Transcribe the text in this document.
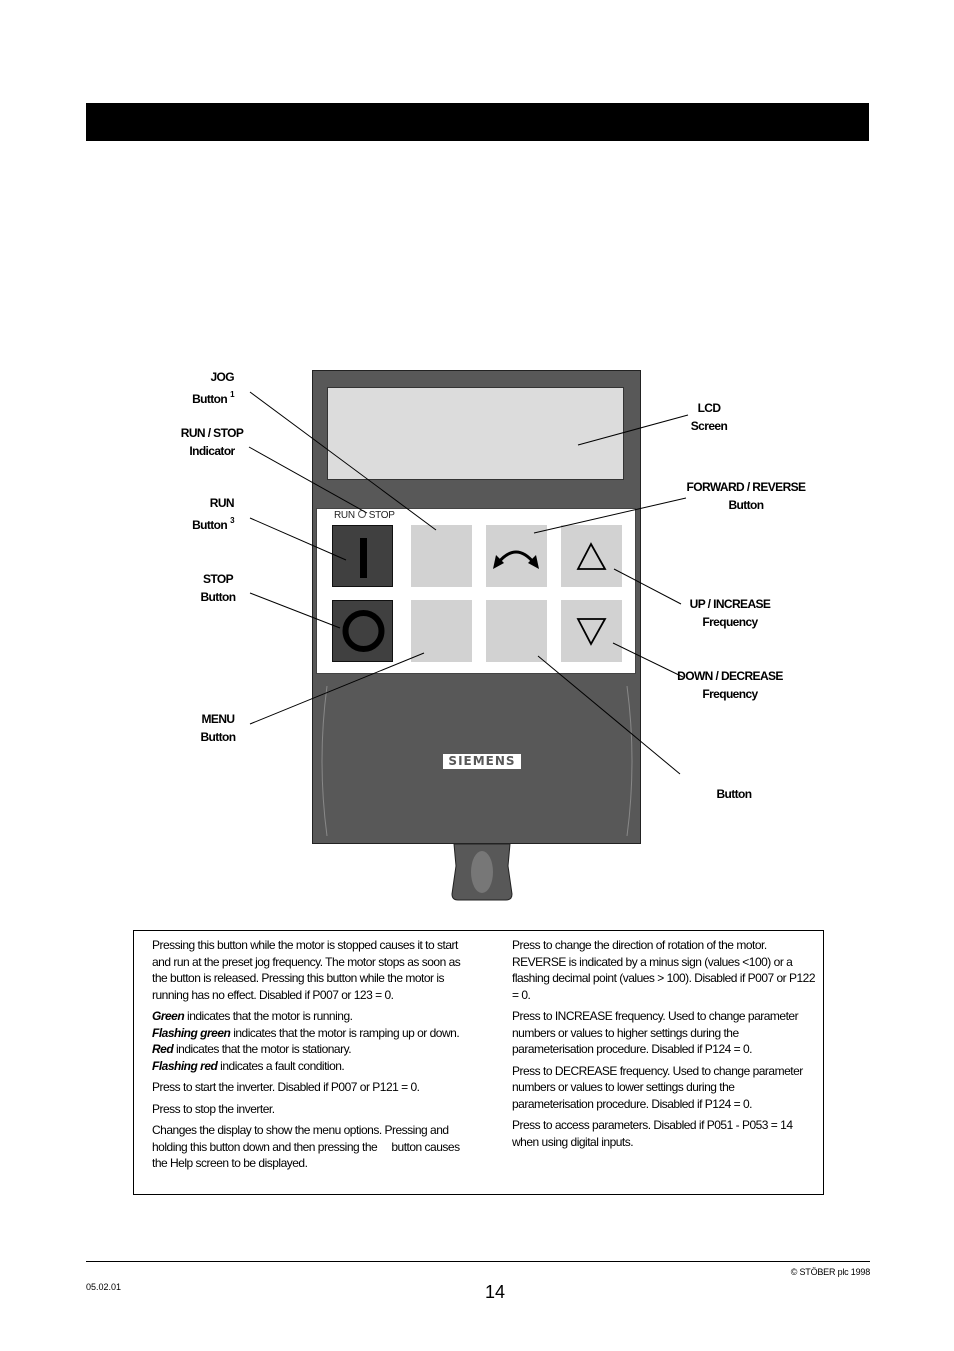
RUN STOP
SIEMENS
JOG
Button $^1$
RUN / STOP
Indicator
RUN
Button $^3$
STOP
Button
MENU
Button
LCD
Screen
FORWARD / REVERSE
Button
UP / INCREASE
Frequency
DOWN / DECREASE
Frequency
Button

Pressing this button while the motor is stopped causes it to start and run at the preset jog frequency. The motor stops as soon as the button is released. Pressing this button while the motor is running has no effect. Disabled if P007 or 123 = 0.

Green indicates that the motor is running.

Flashing green indicates that the motor is ramping up or down.

Red indicates that the motor is stationary.

Flashing red indicates a fault condition.

Press to start the inverter. Disabled if P007 or P121 = 0.

Press to stop the inverter.

Changes the display to show the menu options. Pressing and holding this button down and then pressing the     button causes the Help screen to be displayed.

Press to change the direction of rotation of the motor. REVERSE is indicated by a minus sign (values <100) or a flashing decimal point (values > 100). Disabled if P007 or P122 = 0.

Press to INCREASE frequency. Used to change parameter numbers or values to higher settings during the parameterisation procedure. Disabled if P124 = 0.

Press to DECREASE frequency. Used to change parameter numbers or values to lower settings during the parameterisation procedure. Disabled if P124 = 0.

Press to access parameters. Disabled if P051 - P053 = 14 when using digital inputs.

© STÖBER plc 1998
05.02.01	14
